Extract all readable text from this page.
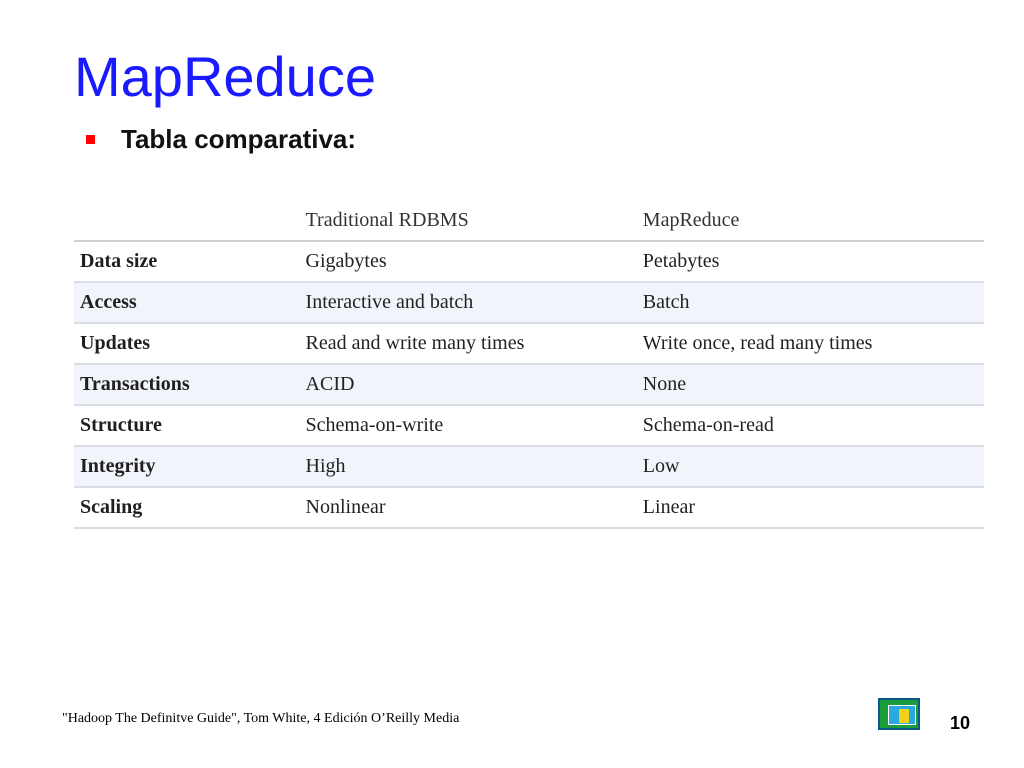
MapReduce
Tabla comparativa:
	Traditional RDBMS	MapReduce
Data size	Gigabytes	Petabytes
Access	Interactive and batch	Batch
Updates	Read and write many times	Write once, read many times
Transactions	ACID	None
Structure	Schema-on-write	Schema-on-read
Integrity	High	Low
Scaling	Nonlinear	Linear
"Hadoop The Definitve Guide", Tom White, 4 Edición O’Reilly Media	10
